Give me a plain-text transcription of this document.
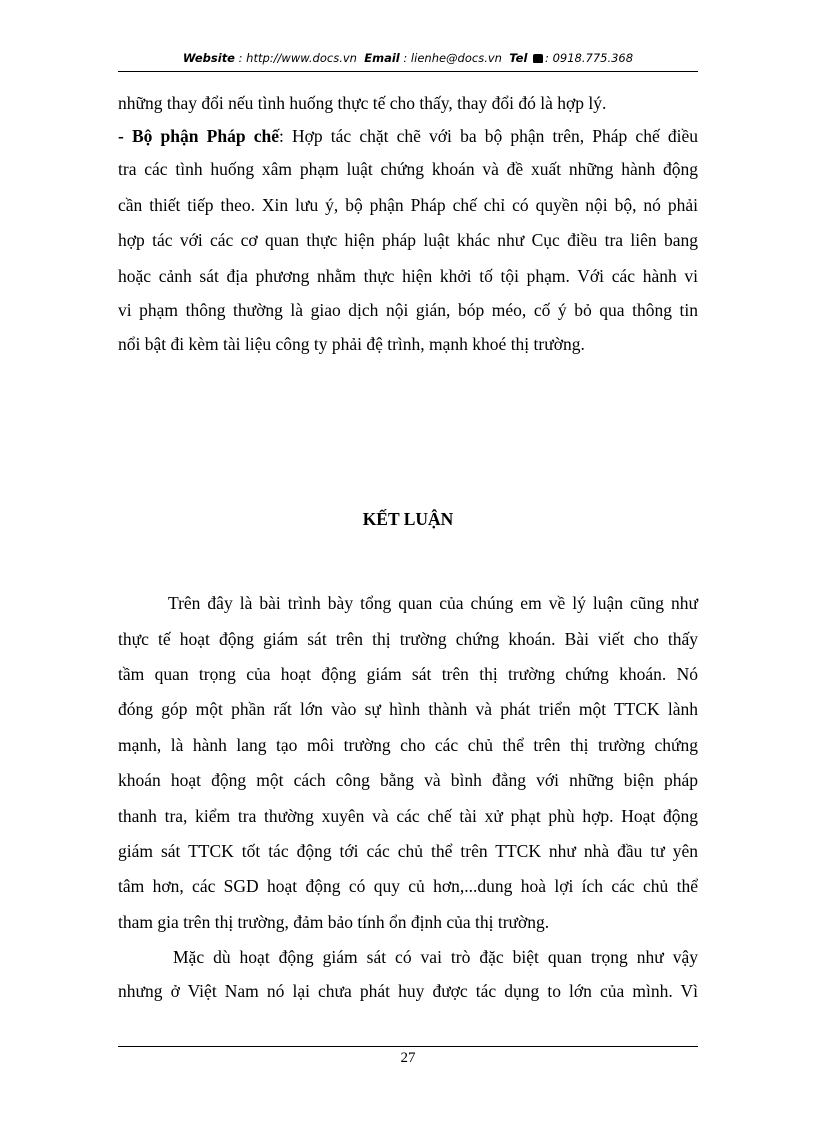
Website : http://www.docs.vn Email : lienhe@docs.vn Tel : 0918.775.368
những thay đổi nếu tình huống thực tế cho thấy, thay đổi đó là hợp lý.
- Bộ phận Pháp chế: Hợp tác chặt chẽ với ba bộ phận trên, Pháp chế điều
tra các tình huống xâm phạm luật chứng khoán và đề xuất những hành động
cần thiết tiếp theo. Xin lưu ý, bộ phận Pháp chế chỉ có quyền nội bộ, nó phải
hợp tác với các cơ quan thực hiện pháp luật khác như Cục điều tra liên bang
hoặc cảnh sát địa phương nhằm thực hiện khởi tố tội phạm. Với các hành vi
vi phạm thông thường là giao dịch nội gián, bóp méo, cố ý bỏ qua thông tin
nổi bật đi kèm tài liệu công ty phải đệ trình, mạnh khoé thị trường.
KẾT LUẬN
Trên đây là bài trình bày tổng quan của chúng em về lý luận cũng như
thực tế hoạt động giám sát trên thị trường chứng khoán. Bài viết cho thấy
tầm quan trọng của hoạt động giám sát trên thị trường chứng khoán. Nó
đóng góp một phần rất lớn vào sự hình thành và phát triển một TTCK lành
mạnh, là hành lang tạo môi trường cho các chủ thể trên thị trường chứng
khoán hoạt động một cách công bằng và bình đẳng với những biện pháp
thanh tra, kiểm tra thường xuyên và các chế tài xử phạt phù hợp. Hoạt động
giám sát TTCK tốt tác động tới các chủ thể trên TTCK như nhà đầu tư yên
tâm hơn, các SGD hoạt động có quy củ hơn,...dung hoà lợi ích các chủ thể
tham gia trên thị trường, đảm bảo tính ổn định của thị trường.
Mặc dù hoạt động giám sát có vai trò đặc biệt quan trọng như vậy
nhưng ở Việt Nam nó lại chưa phát huy được tác dụng to lớn của mình. Vì
27
